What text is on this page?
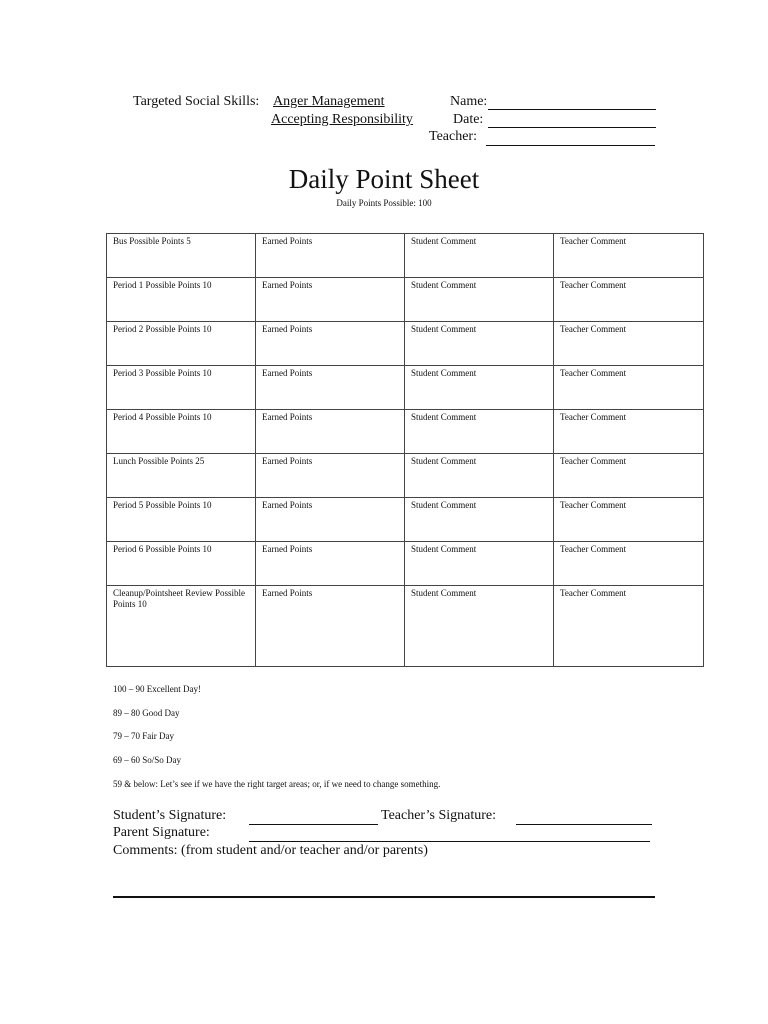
Targeted Social Skills: Anger Management
Accepting Responsibility
Name:
Date:
Teacher:
Daily Point Sheet
Daily Points Possible: 100
Bus Possible Points 5	Earned Points	Student Comment	Teacher Comment
Period 1 Possible Points 10	Earned Points	Student Comment	Teacher Comment
Period 2 Possible Points 10	Earned Points	Student Comment	Teacher Comment
Period 3 Possible Points 10	Earned Points	Student Comment	Teacher Comment
Period 4 Possible Points 10	Earned Points	Student Comment	Teacher Comment
Lunch Possible Points 25	Earned Points	Student Comment	Teacher Comment
Period 5 Possible Points 10	Earned Points	Student Comment	Teacher Comment
Period 6 Possible Points 10	Earned Points	Student Comment	Teacher Comment
Cleanup/Pointsheet Review Possible Points 10	Earned Points	Student Comment	Teacher Comment
100 – 90 Excellent Day!
89 – 80 Good Day
79 – 70 Fair Day
69 – 60 So/So Day
59 & below: Let’s see if we have the right target areas; or, if we need to change something.
Student’s Signature:	Teacher’s Signature:
Parent Signature:
Comments: (from student and/or teacher and/or parents)
